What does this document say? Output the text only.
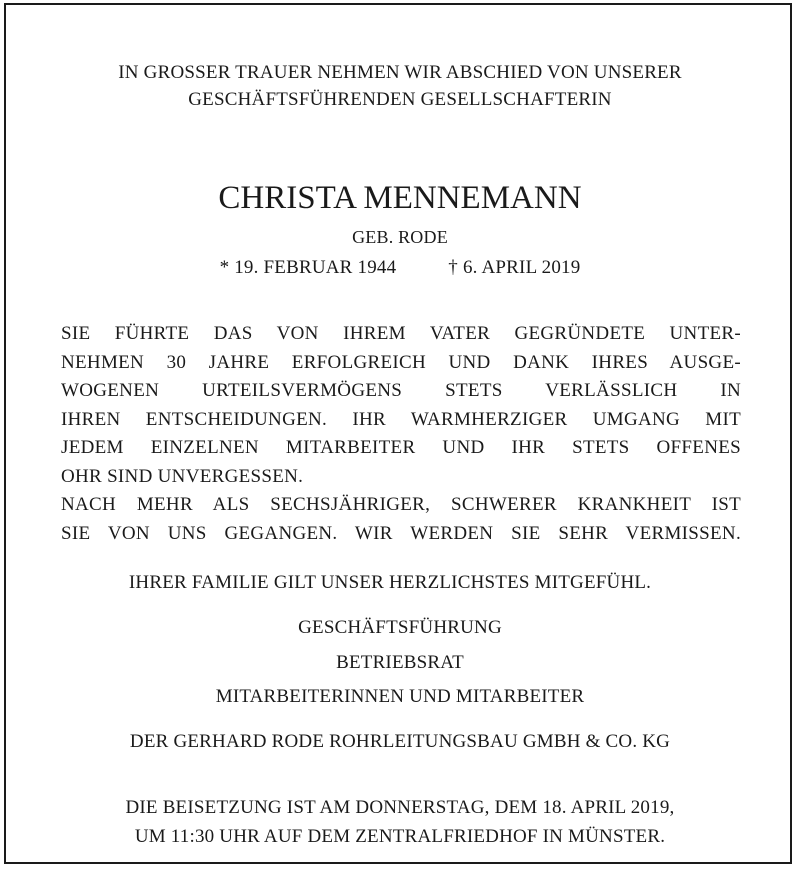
IN GROSSER TRAUER NEHMEN WIR ABSCHIED VON UNSERER
GESCHÄFTSFÜHRENDEN GESELLSCHAFTERIN
CHRISTA MENNEMANN
GEB. RODE
* 19. FEBRUAR 1944	† 6. APRIL 2019
SIE FÜHRTE DAS VON IHREM VATER GEGRÜNDETE UNTER-
NEHMEN 30 JAHRE ERFOLGREICH UND DANK IHRES AUSGE-
WOGENEN URTEILSVERMÖGENS STETS VERLÄSSLICH IN
IHREN ENTSCHEIDUNGEN. IHR WARMHERZIGER UMGANG MIT
JEDEM EINZELNEN MITARBEITER UND IHR STETS OFFENES
OHR SIND UNVERGESSEN.
NACH MEHR ALS SECHSJÄHRIGER, SCHWERER KRANKHEIT IST
SIE VON UNS GEGANGEN. WIR WERDEN SIE SEHR VERMISSEN.
IHRER FAMILIE GILT UNSER HERZLICHSTES MITGEFÜHL.
GESCHÄFTSFÜHRUNG
BETRIEBSRAT
MITARBEITERINNEN UND MITARBEITER
DER GERHARD RODE ROHRLEITUNGSBAU GMBH & CO. KG
DIE BEISETZUNG IST AM DONNERSTAG, DEM 18. APRIL 2019,
UM 11:30 UHR AUF DEM ZENTRALFRIEDHOF IN MÜNSTER.
